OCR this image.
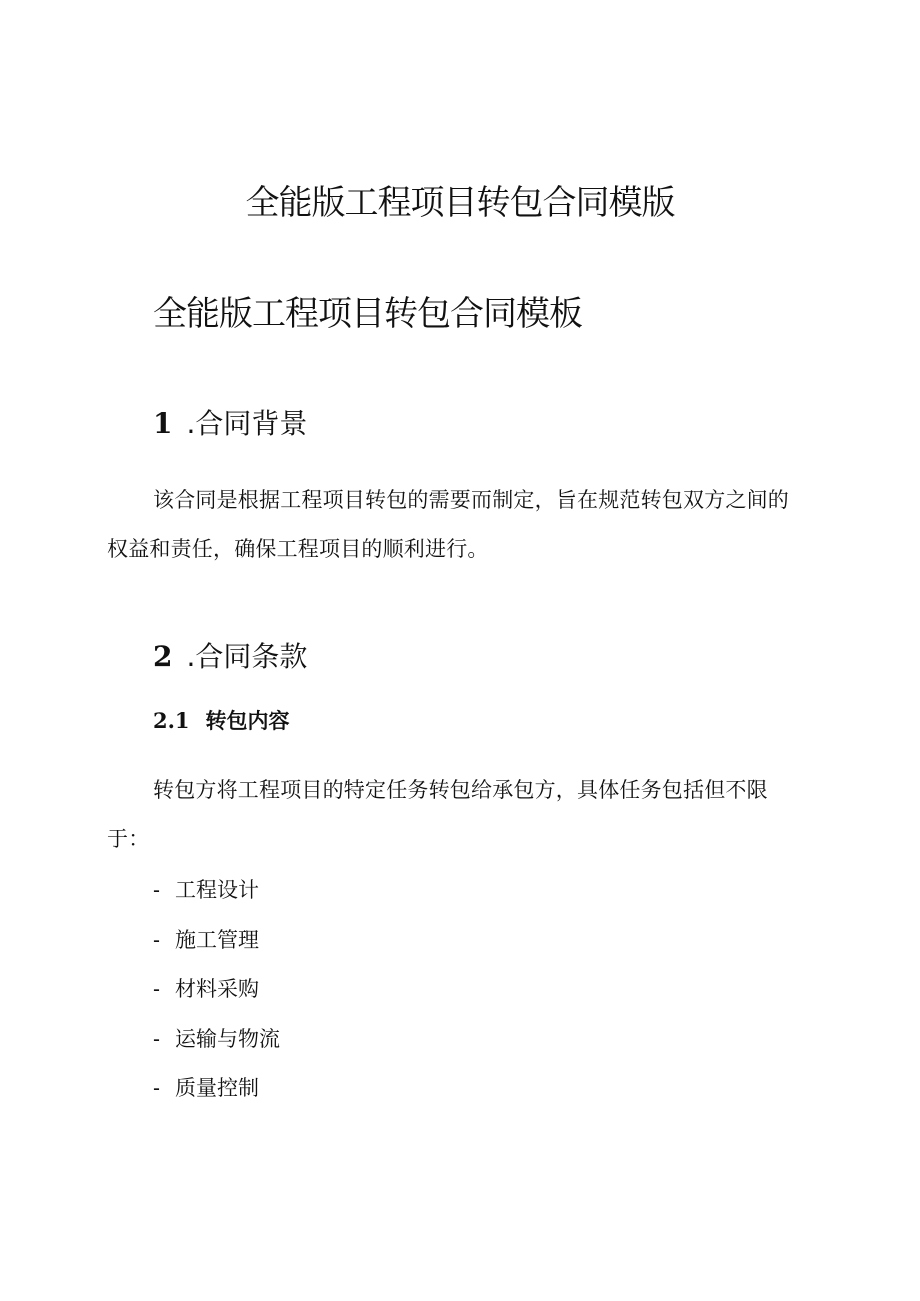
全能版工程项目转包合同模版
全能版工程项目转包合同模板
1 .合同背景

该合同是根据工程项目转包的需要而制定，旨在规范转包双方之间的权益和责任，确保工程项目的顺利进行。

2 .合同条款
2.1 转包内容

转包方将工程项目的特定任务转包给承包方，具体任务包括但不限于：

- 工程设计
- 施工管理
- 材料采购
- 运输与物流
- 质量控制
